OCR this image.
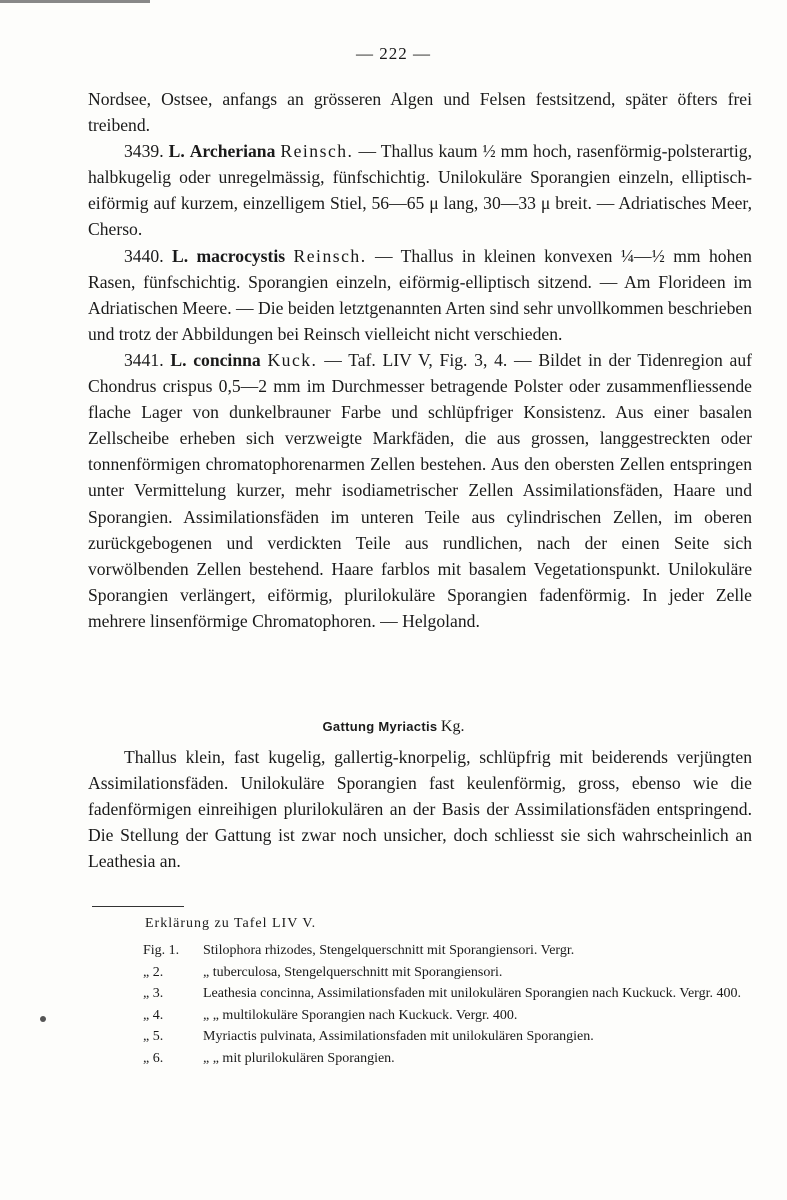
— 222 —

Nordsee, Ostsee, anfangs an grösseren Algen und Felsen festsitzend, später öfters frei treibend.

3439. L. Archeriana Reinsch. — Thallus kaum ½ mm hoch, rasenförmig-polsterartig, halbkugelig oder unregelmässig, fünfschichtig. Unilokuläre Sporangien einzeln, elliptisch-eiförmig auf kurzem, einzelligem Stiel, 56—65 μ lang, 30—33 μ breit. — Adriatisches Meer, Cherso.

3440. L. macrocystis Reinsch. — Thallus in kleinen konvexen ¼—½ mm hohen Rasen, fünfschichtig. Sporangien einzeln, eiförmig-elliptisch sitzend. — Am Florideen im Adriatischen Meere. — Die beiden letztgenannten Arten sind sehr unvollkommen beschrieben und trotz der Abbildungen bei Reinsch vielleicht nicht verschieden.

3441. L. concinna Kuck. — Taf. LIV V, Fig. 3, 4. — Bildet in der Tidenregion auf Chondrus crispus 0,5—2 mm im Durchmesser betragende Polster oder zusammenfliessende flache Lager von dunkelbrauner Farbe und schlüpfriger Konsistenz. Aus einer basalen Zellscheibe erheben sich verzweigte Markfäden, die aus grossen, langgestreckten oder tonnenförmigen chromatophorenarmen Zellen bestehen. Aus den obersten Zellen entspringen unter Vermittelung kurzer, mehr isodiametrischer Zellen Assimilationsfäden, Haare und Sporangien. Assimilationsfäden im unteren Teile aus cylindrischen Zellen, im oberen zurückgebogenen und verdickten Teile aus rundlichen, nach der einen Seite sich vorwölbenden Zellen bestehend. Haare farblos mit basalem Vegetationspunkt. Unilokuläre Sporangien verlängert, eiförmig, plurilokuläre Sporangien fadenförmig. In jeder Zelle mehrere linsenförmige Chromatophoren. — Helgoland.

Gattung Myriactis Kg.

Thallus klein, fast kugelig, gallertig-knorpelig, schlüpfrig mit beiderends verjüngten Assimilationsfäden. Unilokuläre Sporangien fast keulenförmig, gross, ebenso wie die fadenförmigen einreihigen plurilokulären an der Basis der Assimilationsfäden entspringend. Die Stellung der Gattung ist zwar noch unsicher, doch schliesst sie sich wahrscheinlich an Leathesia an.

Erklärung zu Tafel LIV V.
Fig. 1.	Stilophora rhizodes, Stengelquerschnitt mit Sporangiensori. Vergr.
„ 2.	„ tuberculosa, Stengelquerschnitt mit Sporangiensori.
„ 3.	Leathesia concinna, Assimilationsfaden mit unilokulären Sporangien nach Kuckuck. Vergr. 400.
„ 4.	„ „ multilokuläre Sporangien nach Kuckuck. Vergr. 400.
„ 5.	Myriactis pulvinata, Assimilationsfaden mit unilokulären Sporangien.
„ 6.	„ „ mit plurilokulären Sporangien.
